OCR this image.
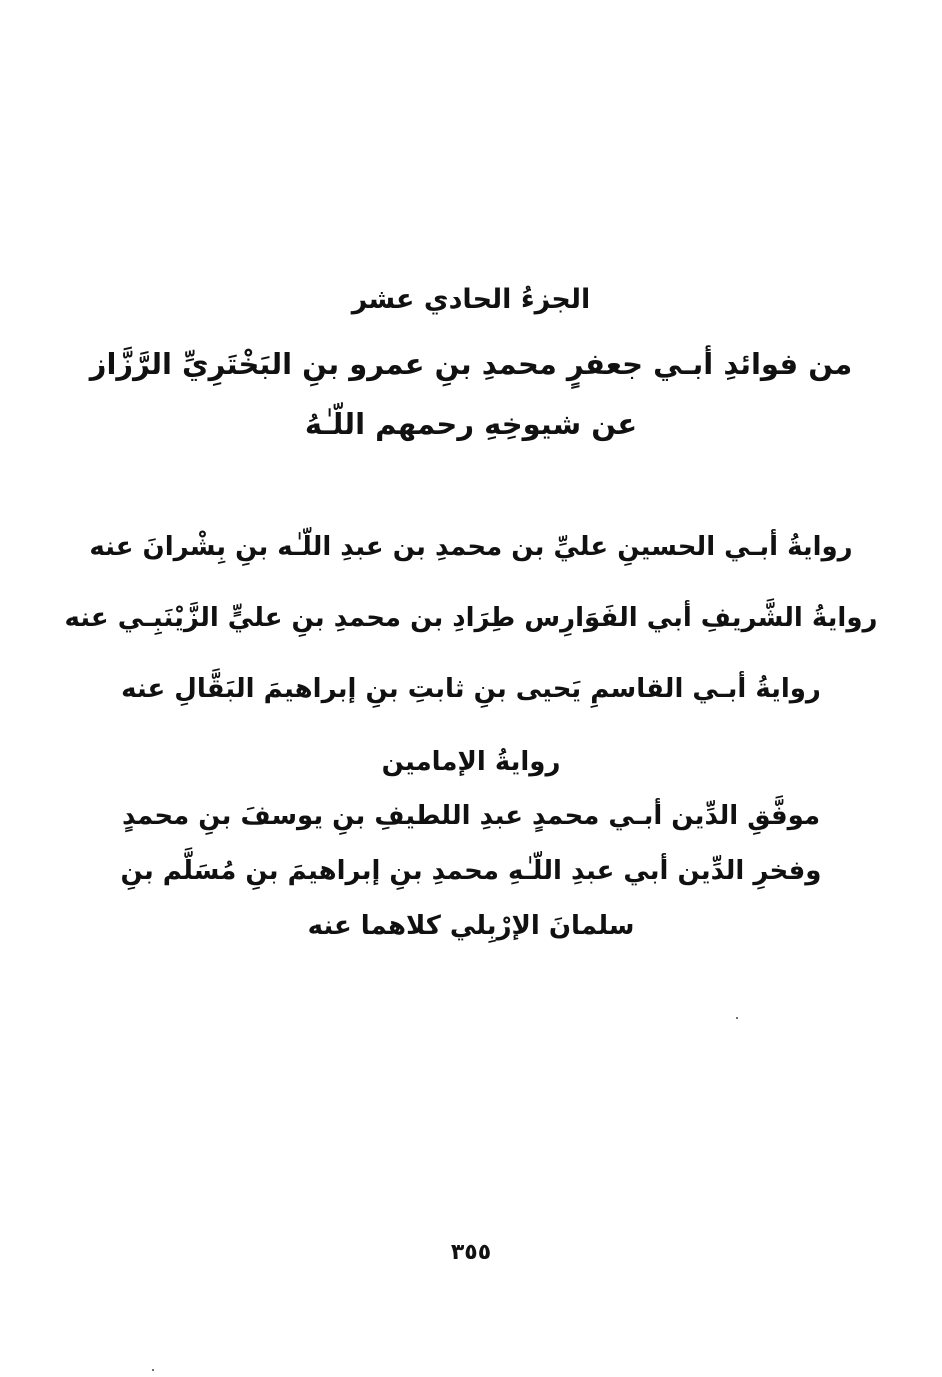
الجزءُ الحادي عشر
من فوائدِ أبـي جعفرٍ محمدِ بنِ عمرو بنِ البَخْتَرِيِّ الرَّزَّاز
عن شيوخِهِ رحمهم اللّـٰهُ
روايةُ أبـي الحسينِ عليِّ بن محمدِ بن عبدِ اللّـٰه بنِ بِشْرانَ عنه
روايةُ الشَّريفِ أبي الفَوَارِس طِرَادِ بن محمدِ بنِ عليٍّ الزَّيْنَبِـي عنه
روايةُ أبـي القاسمِ يَحيى بنِ ثابتِ بنِ إبراهيمَ البَقَّالِ عنه
روايةُ الإمامين
موفَّقِ الدِّين أبـي محمدٍ عبدِ اللطيفِ بنِ يوسفَ بنِ محمدٍ
وفخرِ الدِّين أبي عبدِ اللّـٰهِ محمدِ بنِ إبراهيمَ بنِ مُسَلَّم بنِ
سلمانَ الإرْبِلي كلاهما عنه
٣٥٥
